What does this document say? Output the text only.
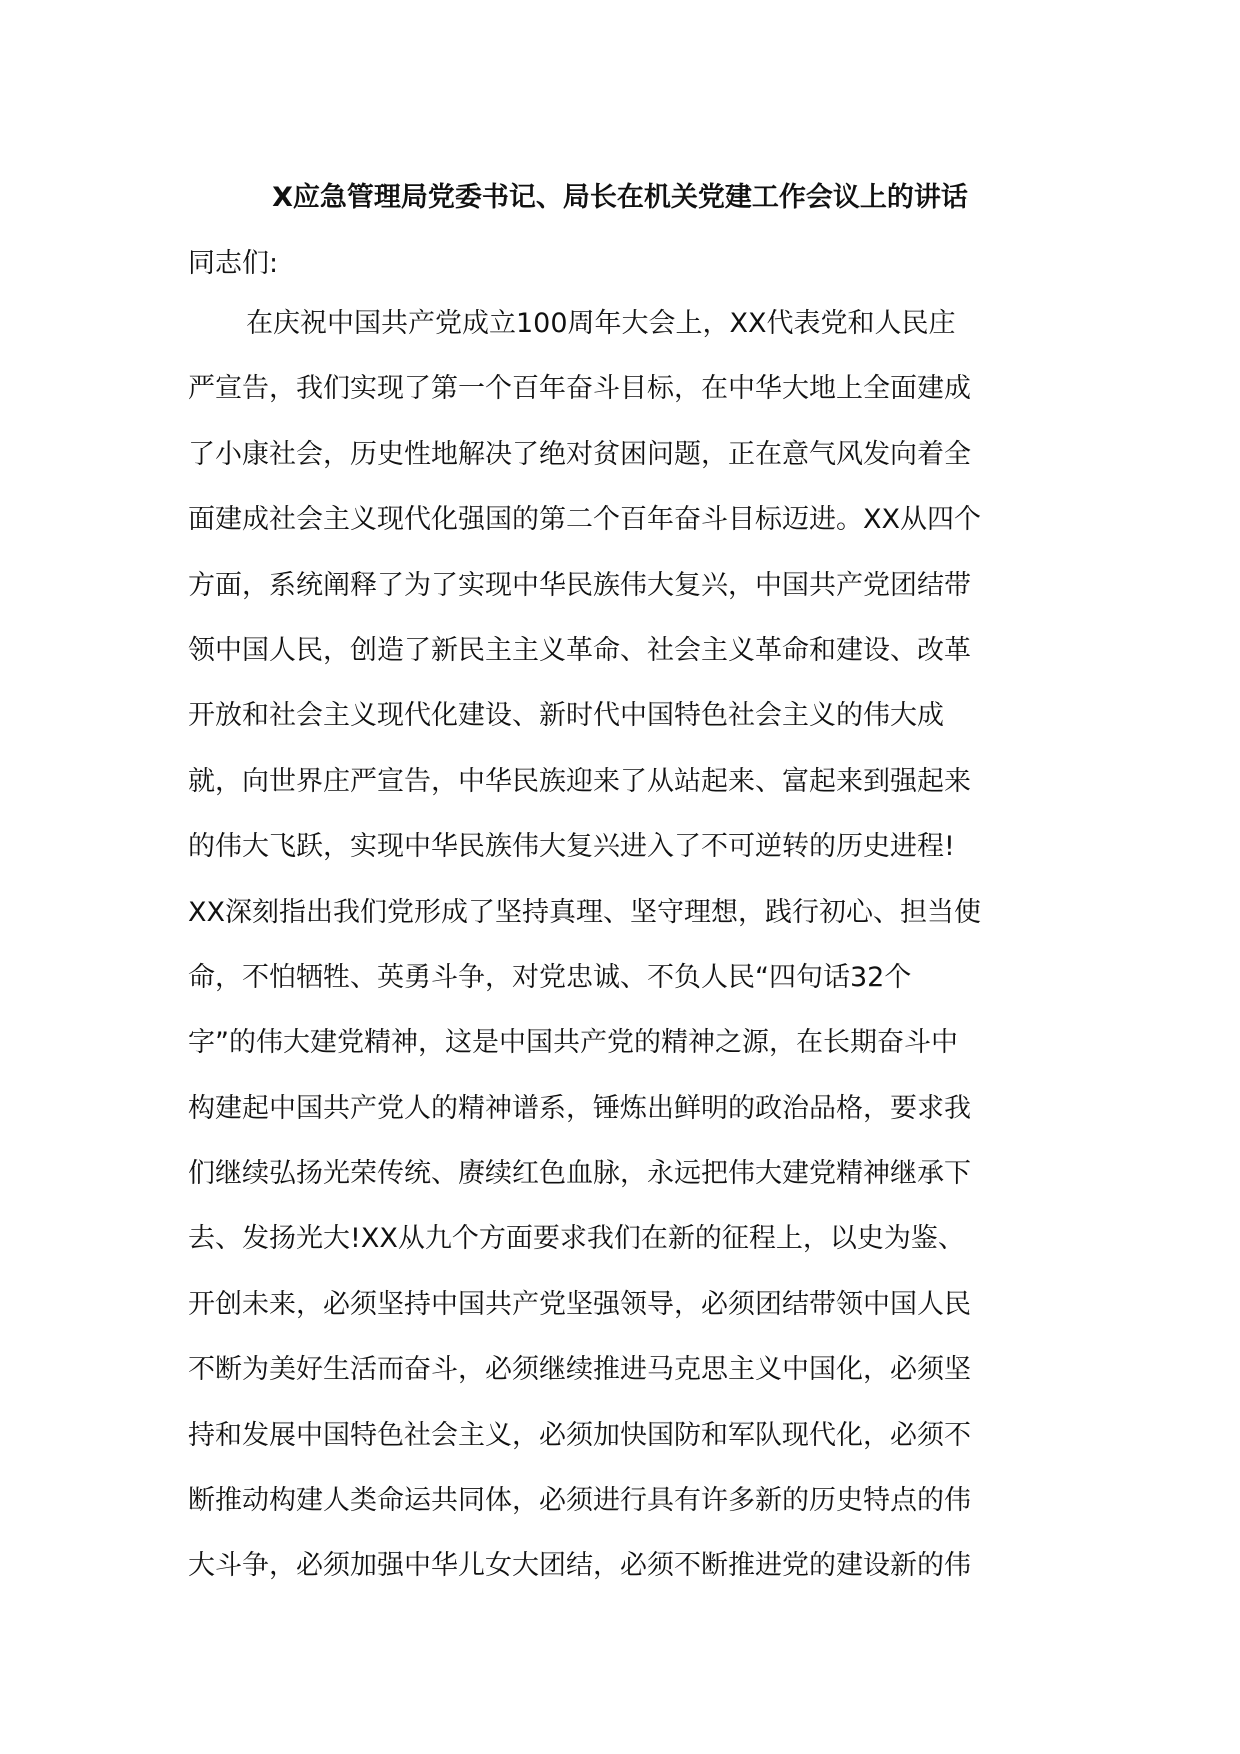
X应急管理局党委书记、局长在机关党建工作会议上的讲话
同志们:
在庆祝中国共产党成立100周年大会上，XX代表党和人民庄
严宣告，我们实现了第一个百年奋斗目标，在中华大地上全面建成
了小康社会，历史性地解决了绝对贫困问题，正在意气风发向着全
面建成社会主义现代化强国的第二个百年奋斗目标迈进。XX从四个
方面，系统阐释了为了实现中华民族伟大复兴，中国共产党团结带
领中国人民，创造了新民主主义革命、社会主义革命和建设、改革
开放和社会主义现代化建设、新时代中国特色社会主义的伟大成
就，向世界庄严宣告，中华民族迎来了从站起来、富起来到强起来
的伟大飞跃，实现中华民族伟大复兴进入了不可逆转的历史进程!
XX深刻指出我们党形成了坚持真理、坚守理想，践行初心、担当使
命，不怕牺牲、英勇斗争，对党忠诚、不负人民“四句话32个
字”的伟大建党精神，这是中国共产党的精神之源，在长期奋斗中
构建起中国共产党人的精神谱系，锤炼出鲜明的政治品格，要求我
们继续弘扬光荣传统、赓续红色血脉，永远把伟大建党精神继承下
去、发扬光大!XX从九个方面要求我们在新的征程上，以史为鉴、
开创未来，必须坚持中国共产党坚强领导，必须团结带领中国人民
不断为美好生活而奋斗，必须继续推进马克思主义中国化，必须坚
持和发展中国特色社会主义，必须加快国防和军队现代化，必须不
断推动构建人类命运共同体，必须进行具有许多新的历史特点的伟
大斗争，必须加强中华儿女大团结，必须不断推进党的建设新的伟
